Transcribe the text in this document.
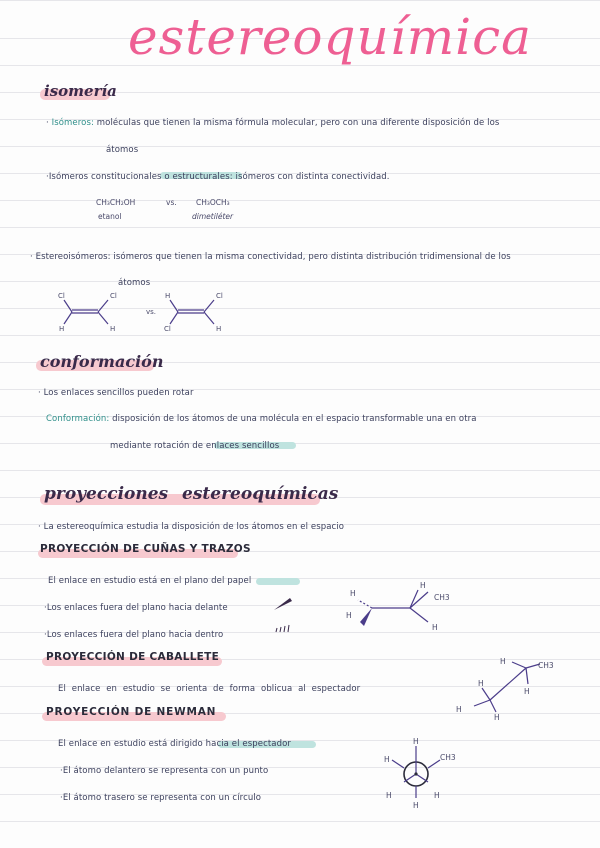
estereoquímica
isomería
· Isómeros: moléculas que tienen la misma fórmula molecular, pero con una diferente disposición de los
átomos
·Isómeros constitucionales o estructurales: isómeros con distinta conectividad.
CH₃CH₂OH	vs.	CH₃OCH₃
etanol	dimetiléter
· Estereoisómeros: isómeros que tienen la misma conectividad, pero distinta distribución tridimensional de los
átomos
Cl	Cl
H	H
vs.
H	Cl
Cl	H
conformación
· Los enlaces sencillos pueden rotar
Conformación: disposición de los átomos de una molécula en el espacio transformable una en otra
mediante rotación de enlaces sencillos
proyecciones estereoquímicas
· La estereoquímica estudia la disposición de los átomos en el espacio
PROYECCIÓN DE CUÑAS Y TRAZOS
El enlace en estudio está en el plano del papel
·Los enlaces fuera del plano hacia delante
·Los enlaces fuera del plano hacia dentro
H
H
H
CH3
H
PROYECCIÓN DE CABALLETE
El enlace en estudio se orienta de forma oblicua al espectador
H	CH3
H
H
H
H
PROYECCIÓN DE NEWMAN
El enlace en estudio está dirigido hacia el espectador
·El átomo delantero se representa con un punto
·El átomo trasero se representa con un círculo
H
H	CH3
H	H
H
